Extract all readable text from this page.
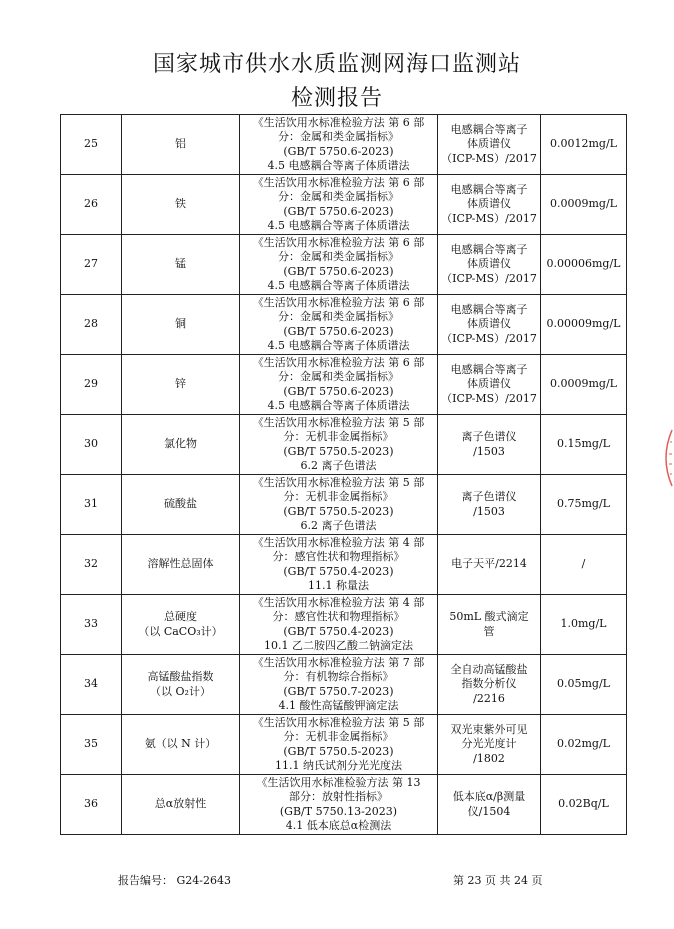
国家城市供水水质监测网海口监测站
检测报告
25	铝	《生活饮用水标准检验方法 第 6 部
分：金属和类金属指标》
(GB/T 5750.6-2023)
4.5 电感耦合等离子体质谱法	电感耦合等离子
体质谱仪
（ICP-MS）/2017	0.0012mg/L
26	铁	《生活饮用水标准检验方法 第 6 部
分：金属和类金属指标》
(GB/T 5750.6-2023)
4.5 电感耦合等离子体质谱法	电感耦合等离子
体质谱仪
（ICP-MS）/2017	0.0009mg/L
27	锰	《生活饮用水标准检验方法 第 6 部
分：金属和类金属指标》
(GB/T 5750.6-2023)
4.5 电感耦合等离子体质谱法	电感耦合等离子
体质谱仪
（ICP-MS）/2017	0.00006mg/L
28	铜	《生活饮用水标准检验方法 第 6 部
分：金属和类金属指标》
(GB/T 5750.6-2023)
4.5 电感耦合等离子体质谱法	电感耦合等离子
体质谱仪
（ICP-MS）/2017	0.00009mg/L
29	锌	《生活饮用水标准检验方法 第 6 部
分：金属和类金属指标》
(GB/T 5750.6-2023)
4.5 电感耦合等离子体质谱法	电感耦合等离子
体质谱仪
（ICP-MS）/2017	0.0009mg/L
30	氯化物	《生活饮用水标准检验方法 第 5 部
分：无机非金属指标》
(GB/T 5750.5-2023)
6.2 离子色谱法	离子色谱仪
/1503	0.15mg/L
31	硫酸盐	《生活饮用水标准检验方法 第 5 部
分：无机非金属指标》
(GB/T 5750.5-2023)
6.2 离子色谱法	离子色谱仪
/1503	0.75mg/L
32	溶解性总固体	《生活饮用水标准检验方法 第 4 部
分：感官性状和物理指标》
(GB/T 5750.4-2023)
11.1 称量法	电子天平/2214	/
33	总硬度
（以 CaCO₃计）	《生活饮用水标准检验方法 第 4 部
分：感官性状和物理指标》
(GB/T 5750.4-2023)
10.1 乙二胺四乙酸二钠滴定法	50mL 酸式滴定
管	1.0mg/L
34	高锰酸盐指数
（以 O₂计）	《生活饮用水标准检验方法 第 7 部
分：有机物综合指标》
(GB/T 5750.7-2023)
4.1 酸性高锰酸钾滴定法	全自动高锰酸盐
指数分析仪
/2216	0.05mg/L
35	氨（以 N 计）	《生活饮用水标准检验方法 第 5 部
分：无机非金属指标》
(GB/T 5750.5-2023)
11.1 纳氏试剂分光光度法	双光束紫外可见
分光光度计
/1802	0.02mg/L
36	总α放射性	《生活饮用水标准检验方法 第 13
部分：放射性指标》
(GB/T 5750.13-2023)
4.1 低本底总α检测法	低本底α/β测量
仪/1504	0.02Bq/L
报告编号： G24-2643	第 23 页 共 24 页
